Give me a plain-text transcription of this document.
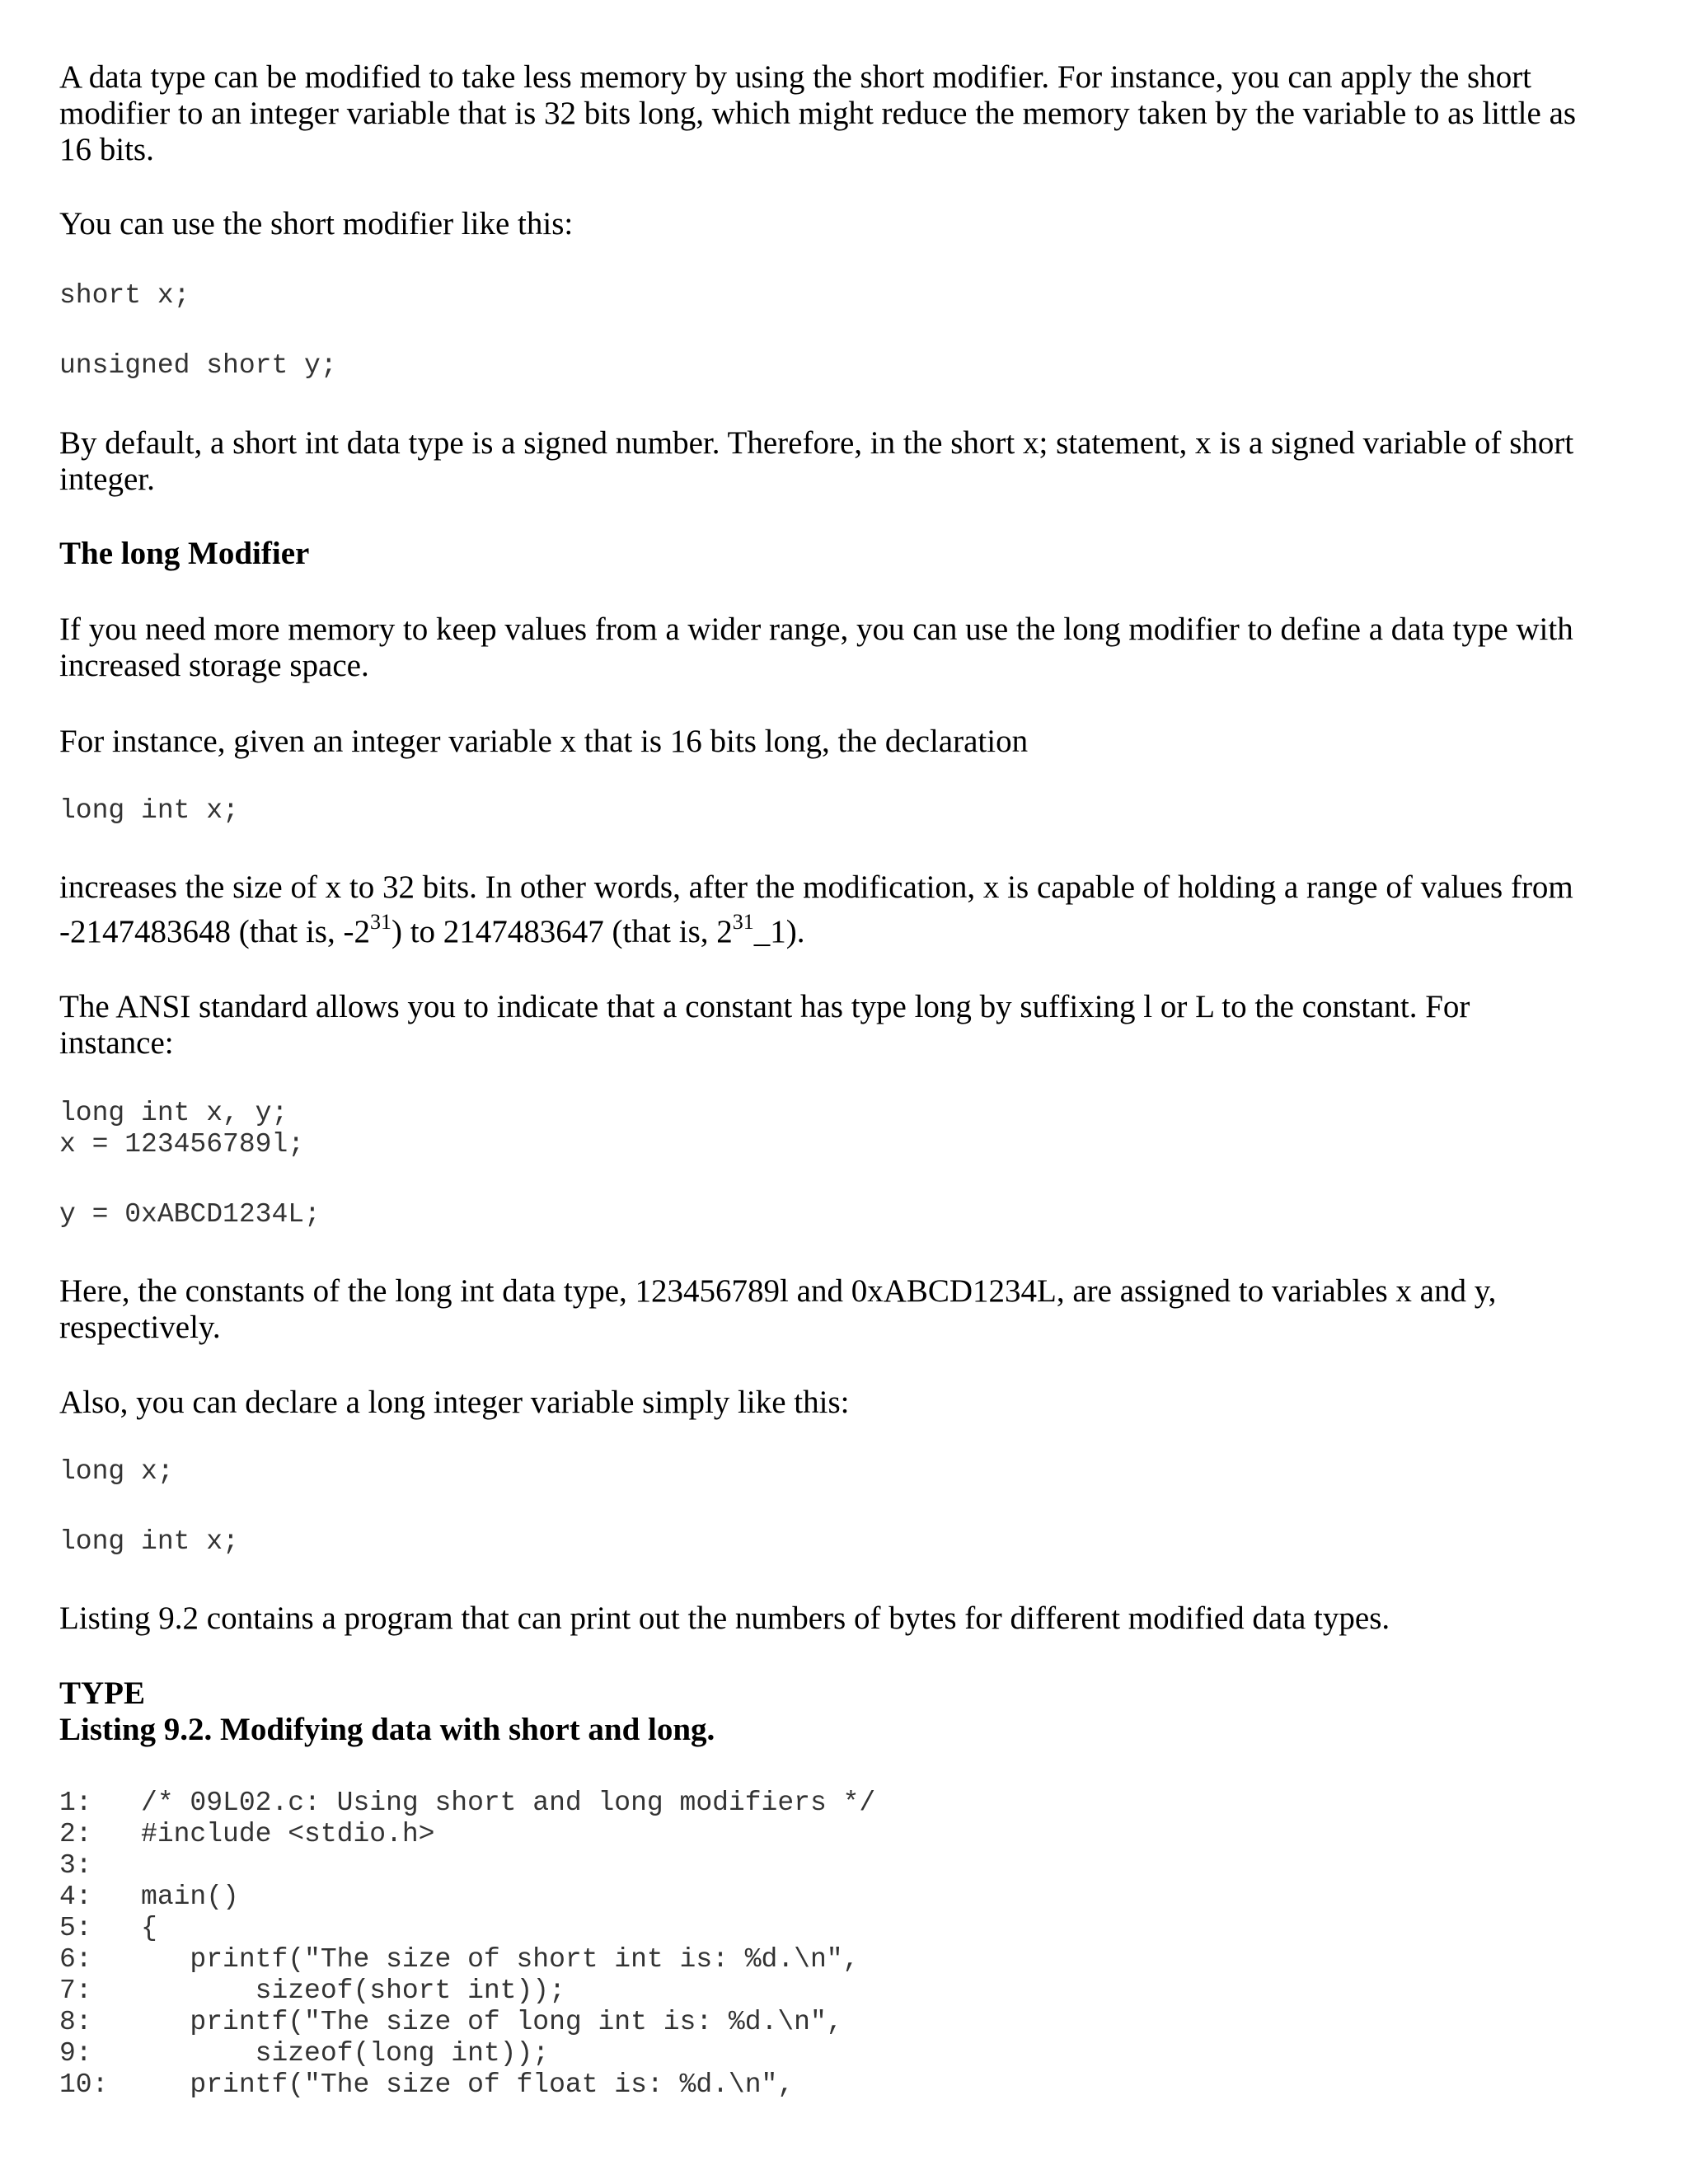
A data type can be modified to take less memory by using the short modifier. For instance, you can apply the short
modifier to an integer variable that is 32 bits long, which might reduce the memory taken by the variable to as little as
16 bits.

You can use the short modifier like this:

short x;
unsigned short y;

By default, a short int data type is a signed number. Therefore, in the short x; statement, x is a signed variable of short
integer.

The long Modifier

If you need more memory to keep values from a wider range, you can use the long modifier to define a data type with
increased storage space.

For instance, given an integer variable x that is 16 bits long, the declaration

long int x;

increases the size of x to 32 bits. In other words, after the modification, x is capable of holding a range of values from
-2147483648 (that is, $-2^{31}$) to 2147483647 (that is, $2^{31}\_1$).

The ANSI standard allows you to indicate that a constant has type long by suffixing l or L to the constant. For
instance:

long int x, y;
x = 123456789l;
y = 0xABCD1234L;

Here, the constants of the long int data type, 123456789l and 0xABCD1234L, are assigned to variables x and y,
respectively.

Also, you can declare a long integer variable simply like this:

long x;
long int x;

Listing 9.2 contains a program that can print out the numbers of bytes for different modified data types.

TYPE
Listing 9.2. Modifying data with short and long.
1:   /* 09L02.c: Using short and long modifiers */
2:   #include <stdio.h>
3:
4:   main()
5:   {
6:      printf("The size of short int is: %d.\n",
7:          sizeof(short int));
8:      printf("The size of long int is: %d.\n",
9:          sizeof(long int));
10:     printf("The size of float is: %d.\n",
